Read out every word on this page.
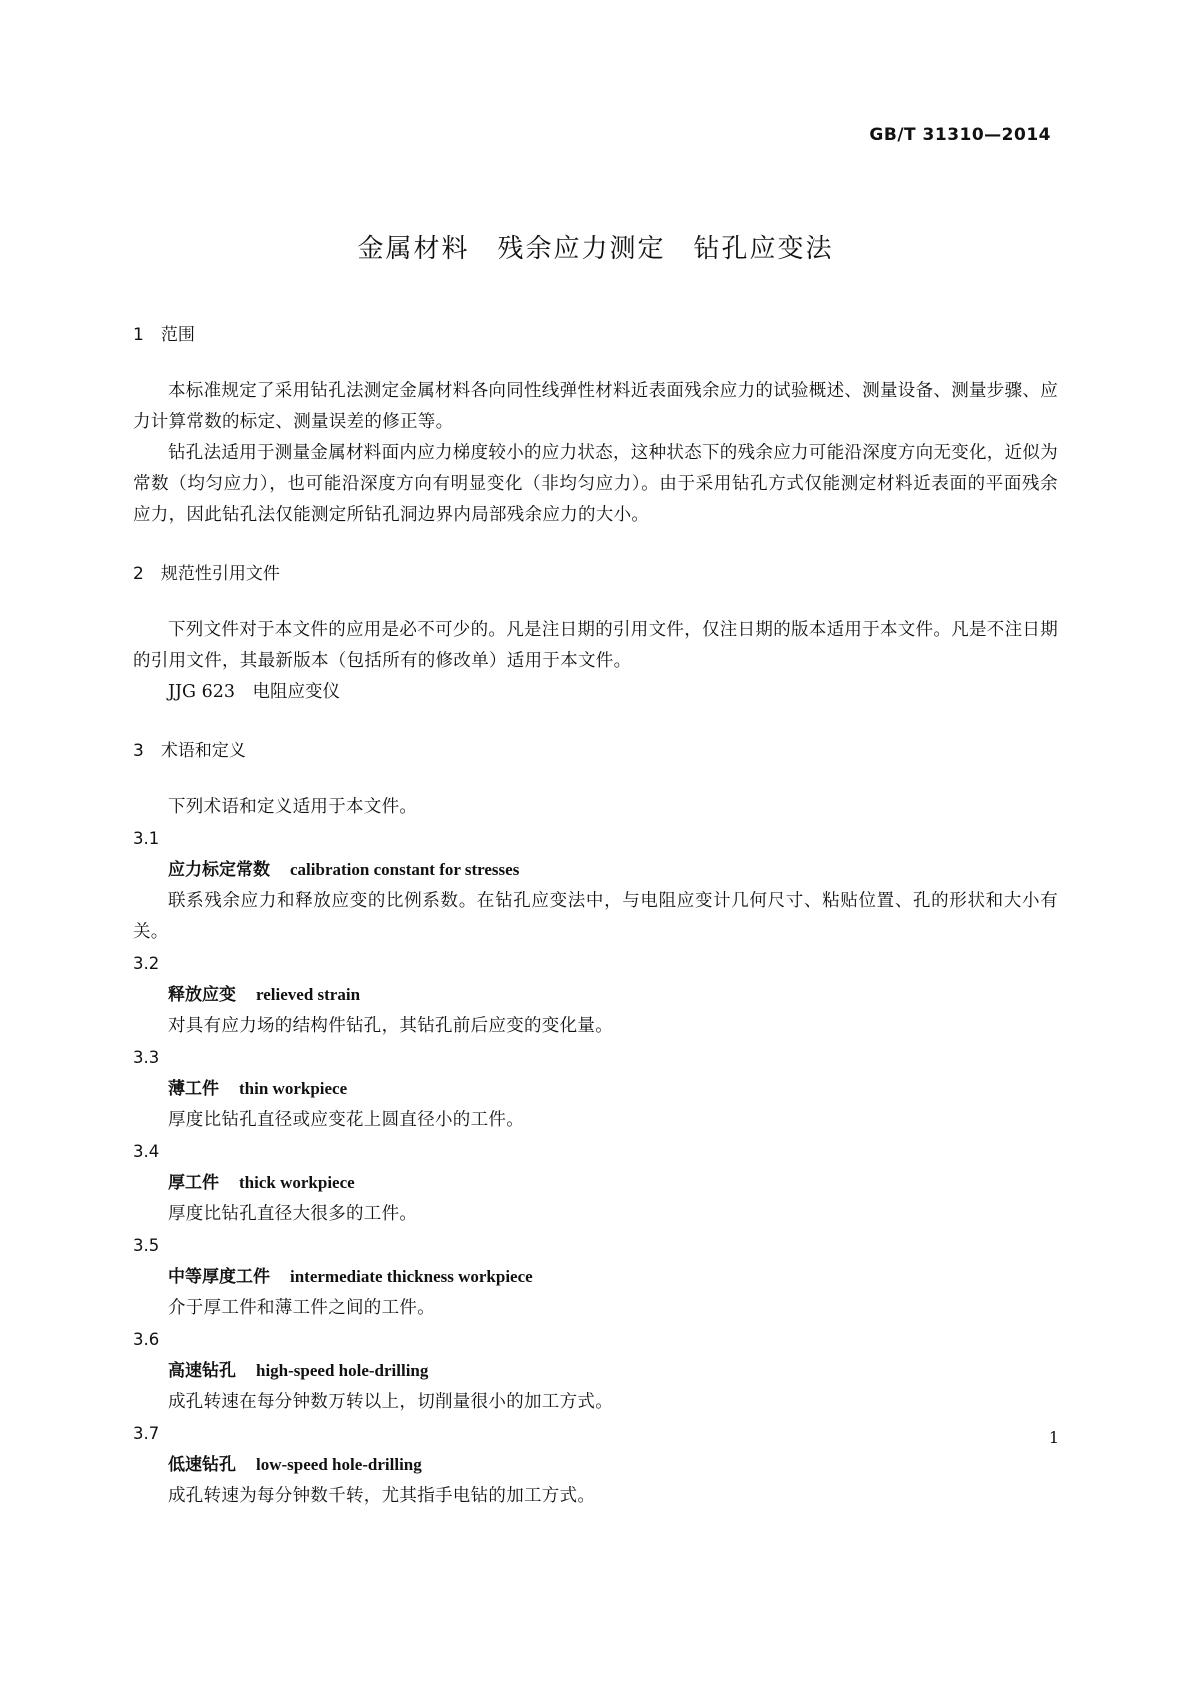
GB/T 31310—2014
金属材料　残余应力测定　钻孔应变法
1　范围

本标准规定了采用钻孔法测定金属材料各向同性线弹性材料近表面残余应力的试验概述、测量设备、测量步骤、应力计算常数的标定、测量误差的修正等。

钻孔法适用于测量金属材料面内应力梯度较小的应力状态，这种状态下的残余应力可能沿深度方向无变化，近似为常数（均匀应力），也可能沿深度方向有明显变化（非均匀应力）。由于采用钻孔方式仅能测定材料近表面的平面残余应力，因此钻孔法仅能测定所钻孔洞边界内局部残余应力的大小。

2　规范性引用文件

下列文件对于本文件的应用是必不可少的。凡是注日期的引用文件，仅注日期的版本适用于本文件。凡是不注日期的引用文件，其最新版本（包括所有的修改单）适用于本文件。

JJG 623　电阻应变仪
3　术语和定义

下列术语和定义适用于本文件。

3.1
应力标定常数 calibration constant for stresses

联系残余应力和释放应变的比例系数。在钻孔应变法中，与电阻应变计几何尺寸、粘贴位置、孔的形状和大小有关。

3.2
释放应变 relieved strain

对具有应力场的结构件钻孔，其钻孔前后应变的变化量。

3.3
薄工件 thin workpiece

厚度比钻孔直径或应变花上圆直径小的工件。

3.4
厚工件 thick workpiece

厚度比钻孔直径大很多的工件。

3.5
中等厚度工件 intermediate thickness workpiece

介于厚工件和薄工件之间的工件。

3.6
高速钻孔 high-speed hole-drilling

成孔转速在每分钟数万转以上，切削量很小的加工方式。

3.7
低速钻孔 low-speed hole-drilling

成孔转速为每分钟数千转，尤其指手电钻的加工方式。

1
